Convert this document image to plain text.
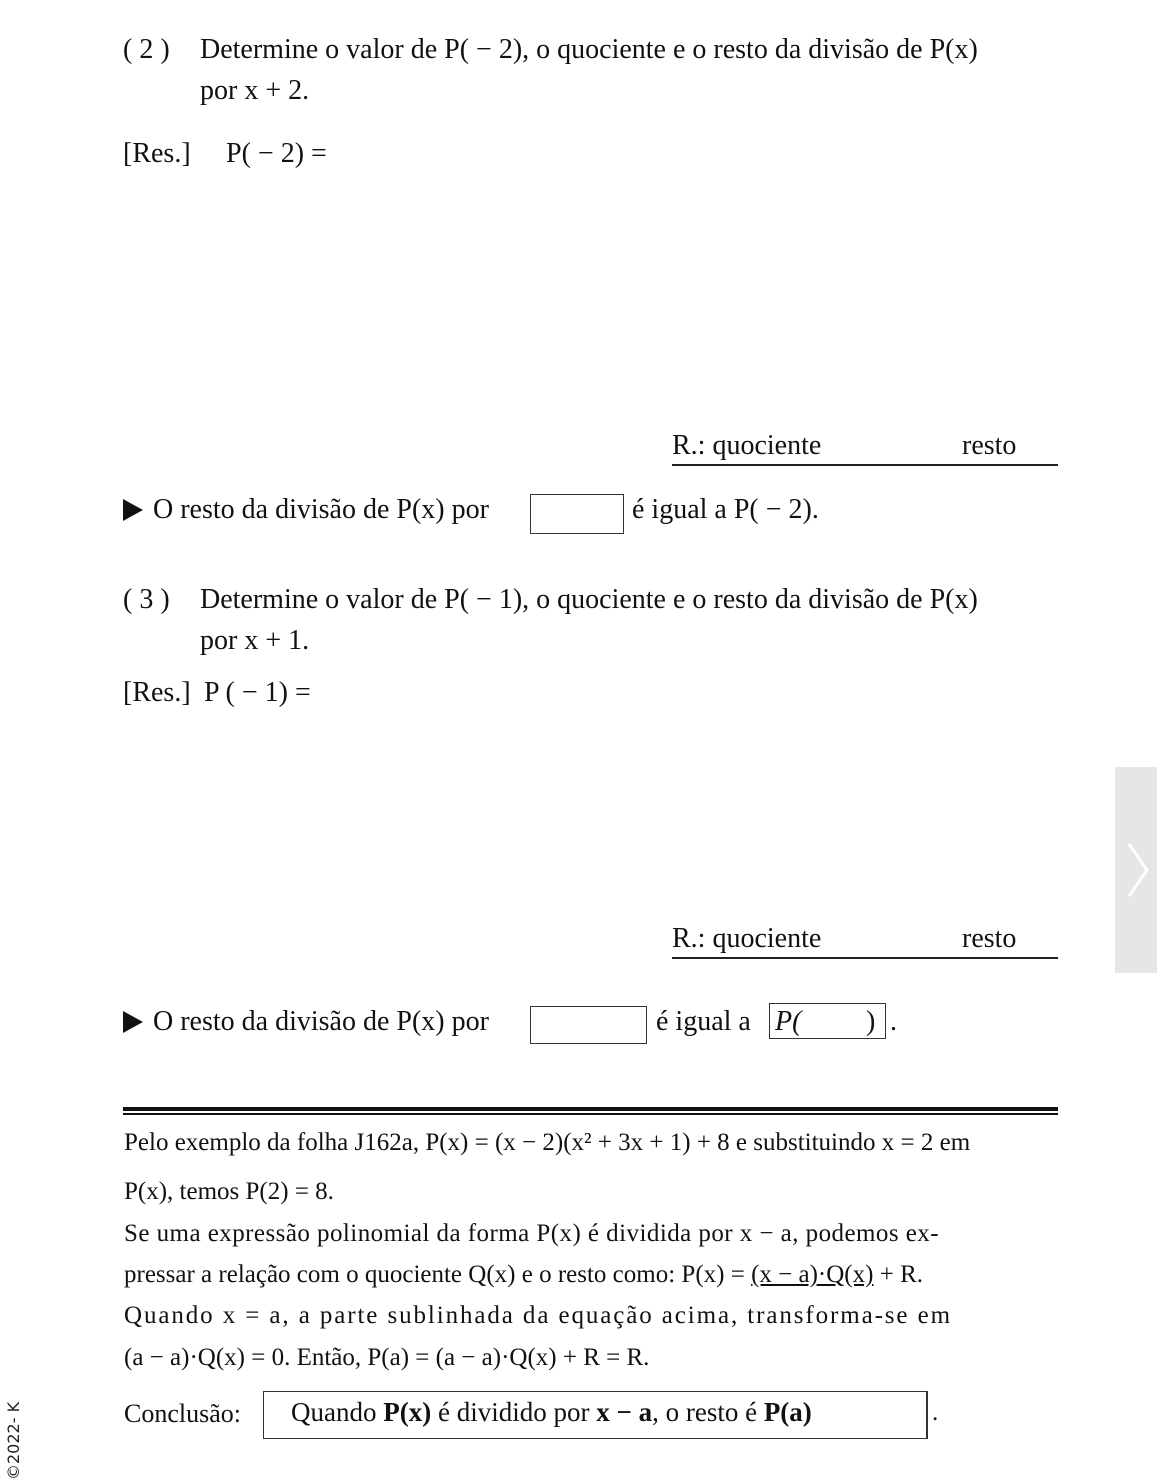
( 2 ) Determine o valor de P( − 2), o quociente e o resto da divisão de P(x)
por x + 2.
[Res.] P( − 2) =
R.: quociente	resto
O resto da divisão de P(x) por	é igual a P( − 2).
( 3 ) Determine o valor de P( − 1), o quociente e o resto da divisão de P(x)
por x + 1.
[Res.] P ( − 1) =
R.: quociente	resto
O resto da divisão de P(x) por	é igual a P( ) .
Pelo exemplo da folha J162a, P(x) = (x − 2)(x² + 3x + 1) + 8 e substituindo x = 2 em
P(x), temos P(2) = 8.
Se uma expressão polinomial da forma P(x) é dividida por x − a, podemos ex-
pressar a relação com o quociente Q(x) e o resto como: P(x) = (x − a)·Q(x) + R.
Quando x = a, a parte sublinhada da equação acima, transforma-se em
(a − a)·Q(x) = 0. Então, P(a) = (a − a)·Q(x) + R = R.
Conclusão: Quando P(x) é dividido por x − a, o resto é P(a)	.
©2022- K
